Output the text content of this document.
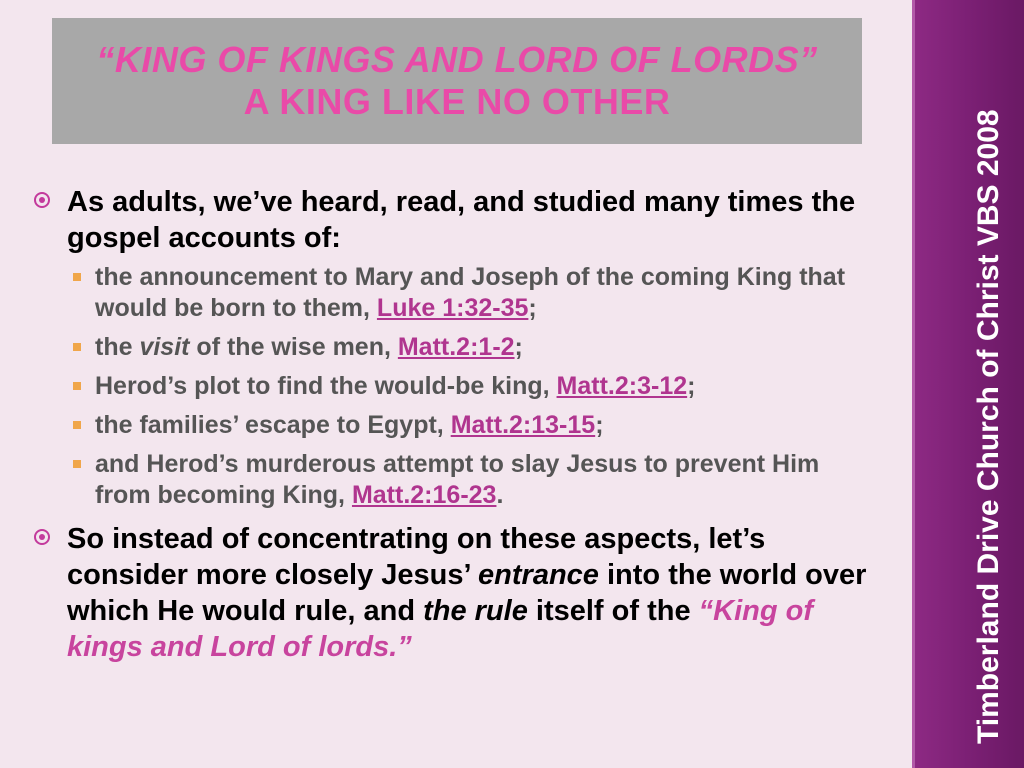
“KING OF KINGS AND LORD OF LORDS”
A KING LIKE NO OTHER
Timberland Drive Church of Christ VBS 2008
As adults, we’ve heard, read, and studied many times the gospel accounts of:
the announcement to Mary and Joseph of the coming King that would be born to them, Luke 1:32-35;
the visit of the wise men, Matt.2:1-2;
Herod’s plot to find the would-be king, Matt.2:3-12;
the families’ escape to Egypt, Matt.2:13-15;
and Herod’s murderous attempt to slay Jesus to prevent Him from becoming King, Matt.2:16-23.
So instead of concentrating on these aspects, let’s consider more closely Jesus’ entrance into the world over which He would rule, and the rule itself of the “King of kings and Lord of lords.”
